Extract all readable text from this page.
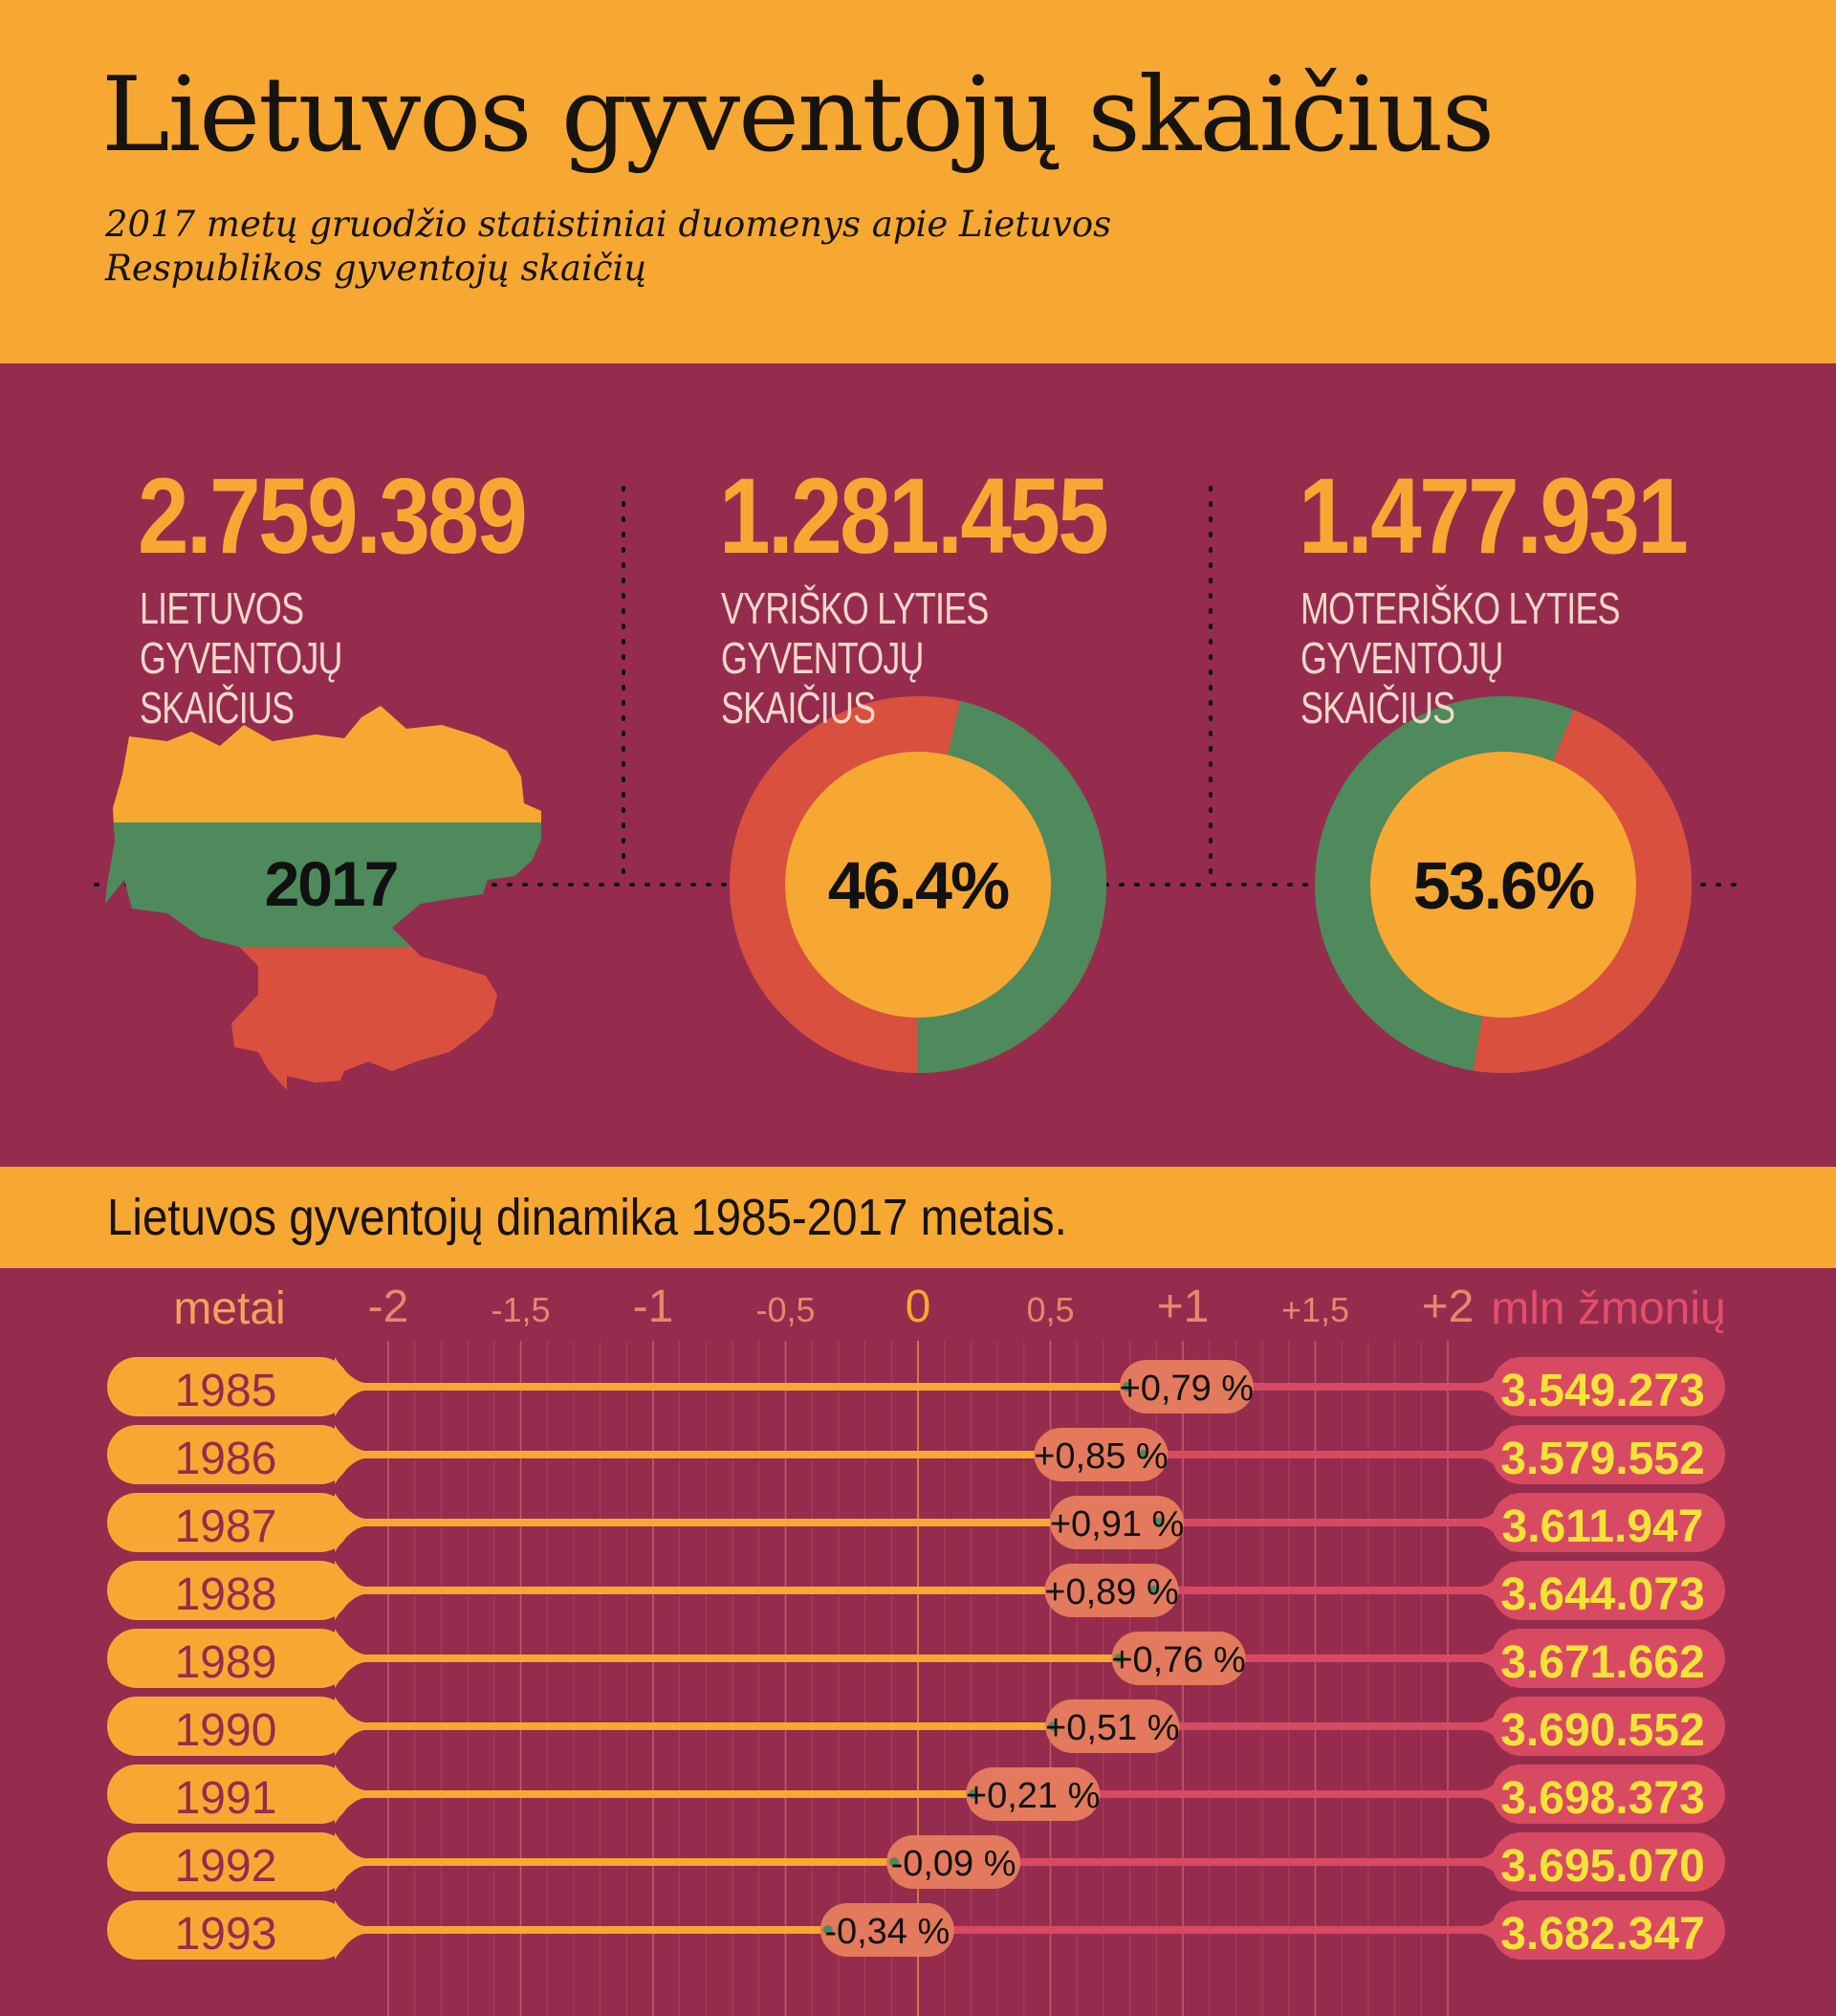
Lietuvos gyventojų skaičius

2017 metų gruodžio statistiniai duomenys apie Lietuvos Respublikos gyventojų skaičių

2017	46.4%	53.6%
2.759.389
LIETUVOS GYVENTOJŲ SKAIČIUS
1.281.455
VYRIŠKO LYTIES GYVENTOJŲ SKAIČIUS
1.477.931
MOTERIŠKO LYTIES GYVENTOJŲ SKAIČIUS
Lietuvos gyventojų dinamika 1985-2017 metais.
metai	mln žmonių
-2 -1,5 -1 -0,5 0	0,5 +1 +1,5 +2
1985	+0,79 %	3.549.273
1986	+0,85 %	3.579.552
1987	+0,91 %	3.611.947
1988	+0,89 %	3.644.073
1989	+0,76 %	3.671.662
1990	+0,51 %	3.690.552
1991	+0,21 %	3.698.373
1992	-0,09 %	3.695.070
1993	-0,34 %	3.682.347
